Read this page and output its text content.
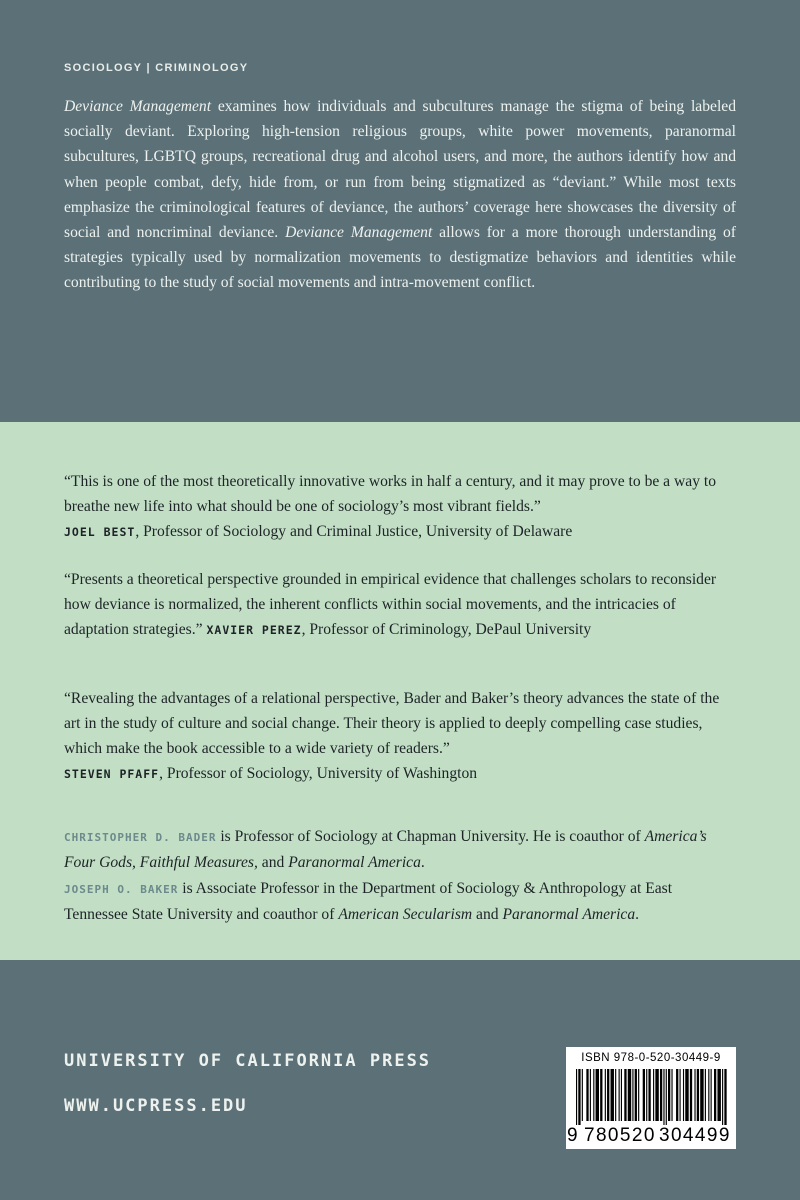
SOCIOLOGY | CRIMINOLOGY

Deviance Management examines how individuals and subcultures manage the stigma of being labeled socially deviant. Exploring high-tension religious groups, white power movements, paranormal subcultures, LGBTQ groups, recreational drug and alcohol users, and more, the authors identify how and when people combat, defy, hide from, or run from being stigmatized as “deviant.” While most texts emphasize the criminological features of deviance, the authors’ coverage here showcases the diversity of social and noncriminal deviance. Deviance Management allows for a more thorough understanding of strategies typically used by normalization movements to destigmatize behaviors and identities while contributing to the study of social movements and intra-movement conflict.

“This is one of the most theoretically innovative works in half a century, and it may prove to be a way to breathe new life into what should be one of sociology’s most vibrant fields.”
JOEL BEST, Professor of Sociology and Criminal Justice, University of Delaware

“Presents a theoretical perspective grounded in empirical evidence that challenges scholars to reconsider how deviance is normalized, the inherent conflicts within social movements, and the intricacies of adaptation strategies.” XAVIER PEREZ, Professor of Criminology, DePaul University

“Revealing the advantages of a relational perspective, Bader and Baker’s theory advances the state of the art in the study of culture and social change. Their theory is applied to deeply compelling case studies, which make the book accessible to a wide variety of readers.”
STEVEN PFAFF, Professor of Sociology, University of Washington

CHRISTOPHER D. BADER is Professor of Sociology at Chapman University. He is coauthor of America’s Four Gods, Faithful Measures, and Paranormal America.

JOSEPH O. BAKER is Associate Professor in the Department of Sociology & Anthropology at East Tennessee State University and coauthor of American Secularism and Paranormal America.

UNIVERSITY OF CALIFORNIA PRESS
WWW.UCPRESS.EDU
ISBN 978-0-520-30449-9
9 780520 304499
